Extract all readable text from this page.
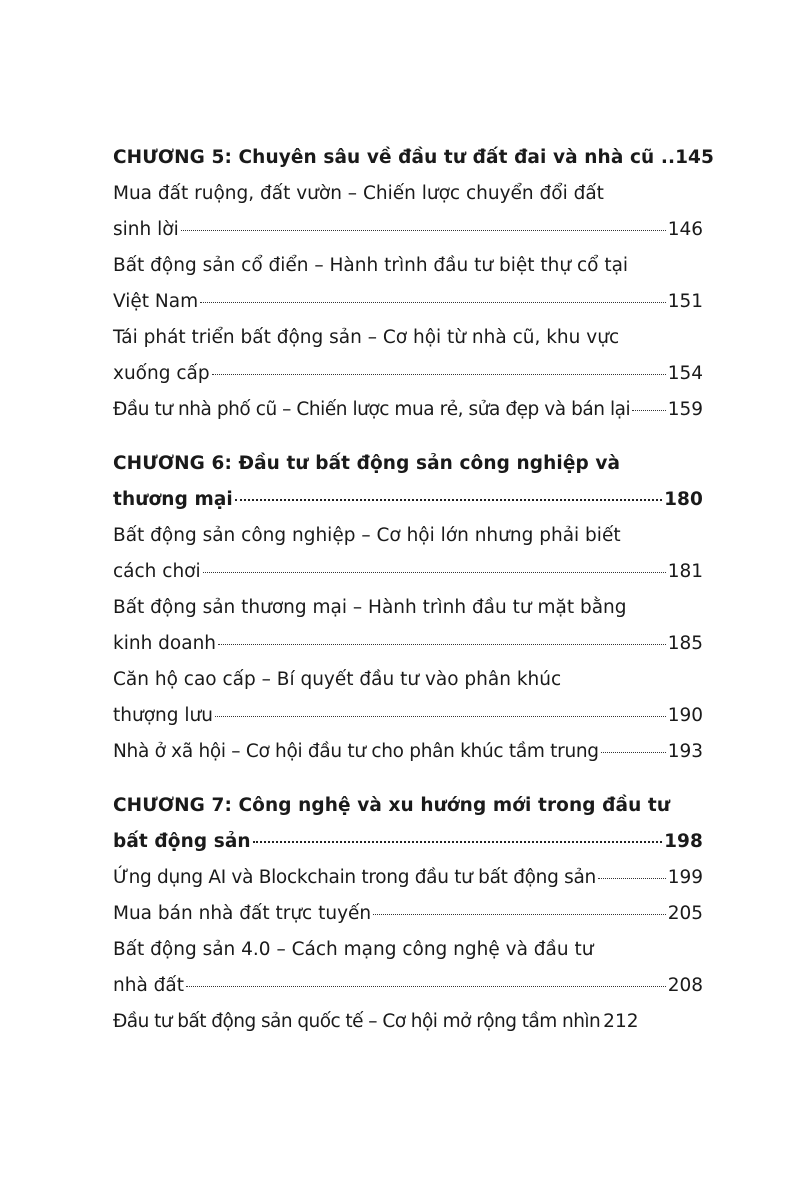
CHƯƠNG 5: Chuyên sâu về đầu tư đất đai và nhà cũ .. 145
Mua đất ruộng, đất vườn – Chiến lược chuyển đổi đất
sinh lời	146
Bất động sản cổ điển – Hành trình đầu tư biệt thự cổ tại
Việt Nam	151
Tái phát triển bất động sản – Cơ hội từ nhà cũ, khu vực
xuống cấp	154
Đầu tư nhà phố cũ – Chiến lược mua rẻ, sửa đẹp và bán lại 159
CHƯƠNG 6: Đầu tư bất động sản công nghiệp và
thương mại	180
Bất động sản công nghiệp – Cơ hội lớn nhưng phải biết
cách chơi	181
Bất động sản thương mại – Hành trình đầu tư mặt bằng
kinh doanh	185
Căn hộ cao cấp – Bí quyết đầu tư vào phân khúc
thượng lưu	190
Nhà ở xã hội – Cơ hội đầu tư cho phân khúc tầm trung	193
CHƯƠNG 7: Công nghệ và xu hướng mới trong đầu tư
bất động sản	198
Ứng dụng AI và Blockchain trong đầu tư bất động sản	199
Mua bán nhà đất trực tuyến	205
Bất động sản 4.0 – Cách mạng công nghệ và đầu tư
nhà đất	208
Đầu tư bất động sản quốc tế – Cơ hội mở rộng tầm nhìn 212
